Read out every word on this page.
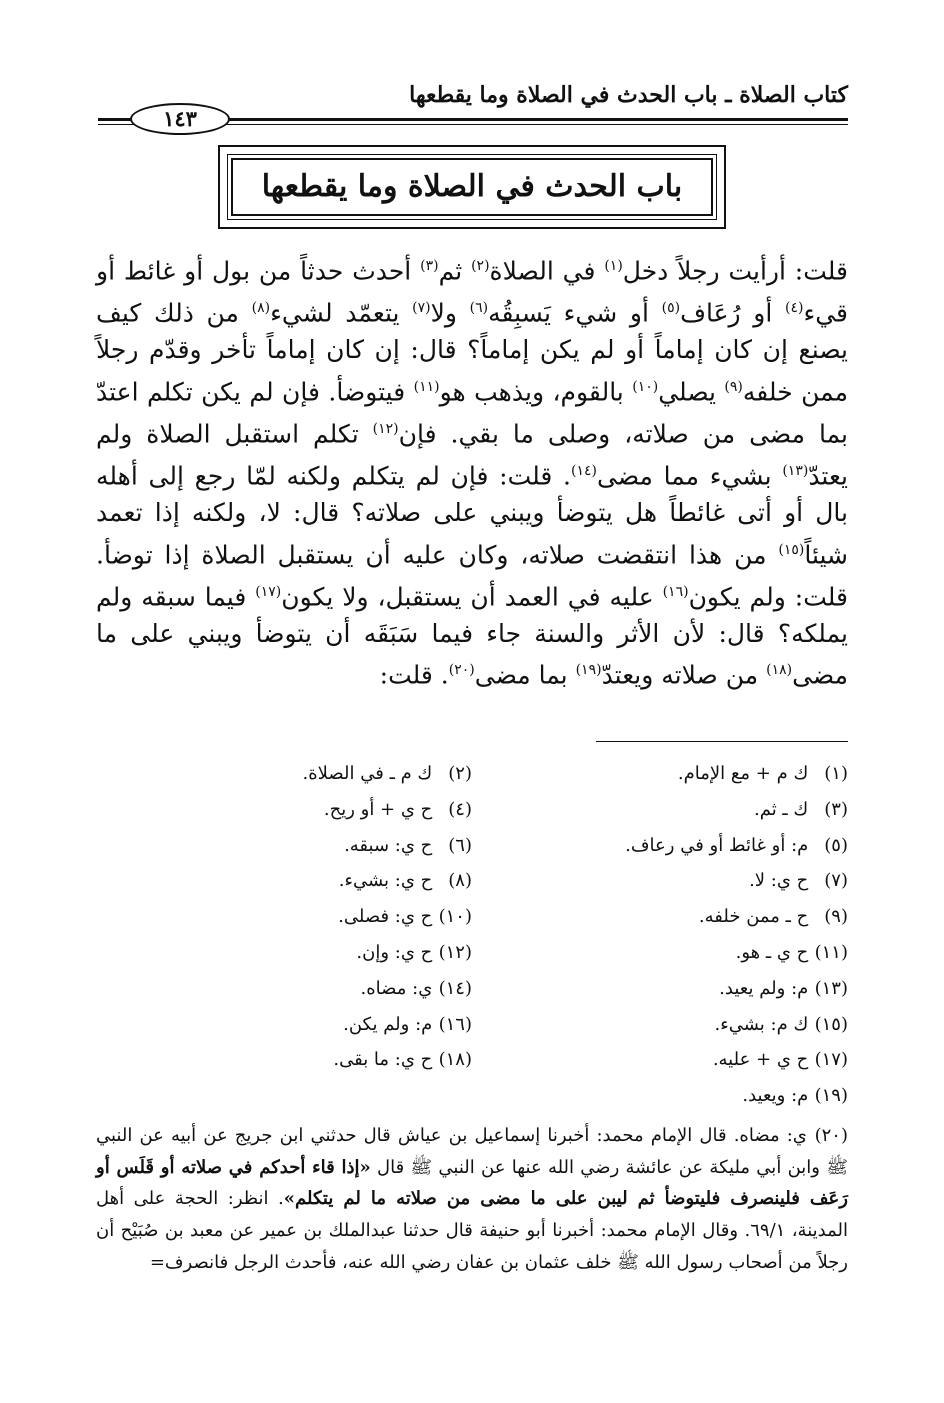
كتاب الصلاة ـ باب الحدث في الصلاة وما يقطعها
١٤٣
باب الحدث في الصلاة وما يقطعها

قلت: أرأيت رجلاً دخل$^{(١)}$ في الصلاة$^{(٢)}$ ثم$^{(٣)}$ أحدث حدثاً من بول أو غائط أو قيء$^{(٤)}$ أو رُعَاف$^{(٥)}$ أو شيء يَسبِقُه$^{(٦)}$ ولا$^{(٧)}$ يتعمّد لشيء$^{(٨)}$ من ذلك كيف يصنع إن كان إماماً أو لم يكن إماماً؟ قال: إن كان إماماً تأخر وقدّم رجلاً ممن خلفه$^{(٩)}$ يصلي$^{(١٠)}$ بالقوم، ويذهب هو$^{(١١)}$ فيتوضأ. فإن لم يكن تكلم اعتدّ بما مضى من صلاته، وصلى ما بقي. فإن$^{(١٢)}$ تكلم استقبل الصلاة ولم يعتدّ$^{(١٣)}$ بشيء مما مضى$^{(١٤)}$. قلت: فإن لم يتكلم ولكنه لمّا رجع إلى أهله بال أو أتى غائطاً هل يتوضأ ويبني على صلاته؟ قال: لا، ولكنه إذا تعمد شيئاً$^{(١٥)}$ من هذا انتقضت صلاته، وكان عليه أن يستقبل الصلاة إذا توضأ. قلت: ولم يكون$^{(١٦)}$ عليه في العمد أن يستقبل، ولا يكون$^{(١٧)}$ فيما سبقه ولم يملكه؟ قال: لأن الأثر والسنة جاء فيما سَبَقَه أن يتوضأ ويبني على ما مضى$^{(١٨)}$ من صلاته ويعتدّ$^{(١٩)}$ بما مضى$^{(٢٠)}$. قلت:

(١) ك م + مع الإمام.
(٢) ك م ـ في الصلاة.
(٣) ك ـ ثم.
(٤) ح ي + أو ريح.
(٥) م: أو غائط أو في رعاف.
(٦) ح ي: سبقه.
(٧) ح ي: لا.
(٨) ح ي: بشيء.
(٩) ح ـ ممن خلفه.
(١٠) ح ي: فصلى.
(١١) ح ي ـ هو.
(١٢) ح ي: وإن.
(١٣) م: ولم يعيد.
(١٤) ي: مضاه.
(١٥) ك م: بشيء.
(١٦) م: ولم يكن.
(١٧) ح ي + عليه.
(١٨) ح ي: ما بقى.
(١٩) م: ويعيد.

(٢٠) ي: مضاه. قال الإمام محمد: أخبرنا إسماعيل بن عياش قال حدثني ابن جريج عن أبيه عن النبي ﷺ وابن أبي مليكة عن عائشة رضي الله عنها عن النبي ﷺ قال «إذا قاء أحدكم في صلاته أو قَلَس أو رَعَف فلينصرف فليتوضأ ثم ليبن على ما مضى من صلاته ما لم يتكلم». انظر: الحجة على أهل المدينة، ٦٩/١. وقال الإمام محمد: أخبرنا أبو حنيفة قال حدثنا عبدالملك بن عمير عن معبد بن صُبَيْح أن رجلاً من أصحاب رسول الله ﷺ خلف عثمان بن عفان رضي الله عنه، فأحدث الرجل فانصرف=
